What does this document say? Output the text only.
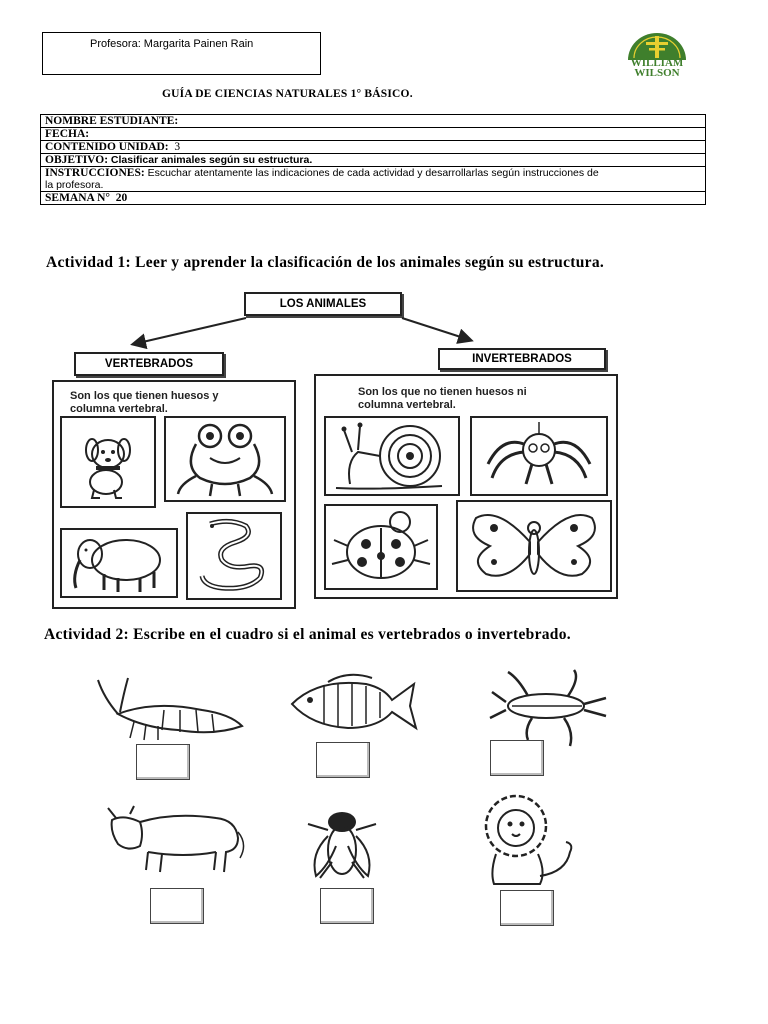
Profesora: Margarita Painen Rain
WILLIAM
WILSON
GUÍA DE CIENCIAS NATURALES 1° BÁSICO.
NOMBRE ESTUDIANTE:
FECHA:
CONTENIDO UNIDAD: 3
OBJETIVO: Clasificar animales según su estructura.
INSTRUCCIONES: Escuchar atentamente las indicaciones de cada actividad y desarrollarlas según instrucciones de
la profesora.
SEMANA N° 20
Actividad 1: Leer y aprender la clasificación de los animales según su estructura.
LOS ANIMALES
VERTEBRADOS
Son los que tienen huesos y
columna vertebral.
INVERTEBRADOS
Son los que no tienen huesos ni
columna vertebral.
Actividad 2: Escribe en el cuadro si el animal es vertebrados o invertebrado.
